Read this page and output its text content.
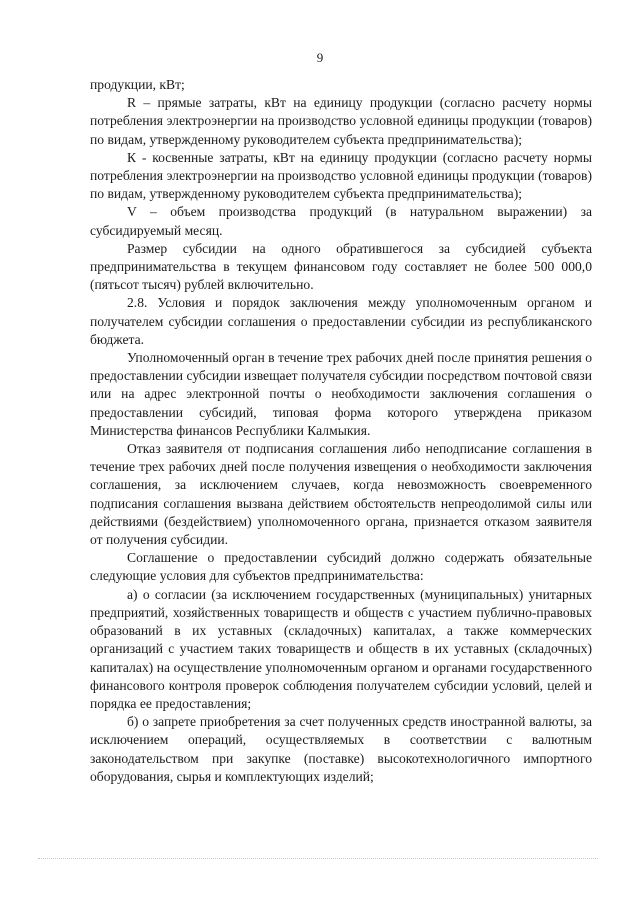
9

продукции, кВт;

R – прямые затраты, кВт на единицу продукции (согласно расчету нормы потребления электроэнергии на производство условной единицы продукции (товаров) по видам, утвержденному руководителем субъекта предпринимательства);

К - косвенные затраты, кВт на единицу продукции (согласно расчету нормы потребления электроэнергии на производство условной единицы продукции (товаров) по видам, утвержденному руководителем субъекта предпринимательства);

V – объем производства продукций (в натуральном выражении) за субсидируемый месяц.

Размер субсидии на одного обратившегося за субсидией субъекта предпринимательства в текущем финансовом году составляет не более 500 000,0 (пятьсот тысяч) рублей включительно.

2.8. Условия и порядок заключения между уполномоченным органом и получателем субсидии соглашения о предоставлении субсидии из республиканского бюджета.

Уполномоченный орган в течение трех рабочих дней после принятия решения о предоставлении субсидии извещает получателя субсидии посредством почтовой связи или на адрес электронной почты о необходимости заключения соглашения о предоставлении субсидий, типовая форма которого утверждена приказом Министерства финансов Республики Калмыкия.

Отказ заявителя от подписания соглашения либо неподписание соглашения в течение трех рабочих дней после получения извещения о необходимости заключения соглашения, за исключением случаев, когда невозможность своевременного подписания соглашения вызвана действием обстоятельств непреодолимой силы или действиями (бездействием) уполномоченного органа, признается отказом заявителя от получения субсидии.

Соглашение о предоставлении субсидий должно содержать обязательные следующие условия для субъектов предпринимательства:

а) о согласии (за исключением государственных (муниципальных) унитарных предприятий, хозяйственных товариществ и обществ с участием публично-правовых образований в их уставных (складочных) капиталах, а также коммерческих организаций с участием таких товариществ и обществ в их уставных (складочных) капиталах) на осуществление уполномоченным органом и органами государственного финансового контроля проверок соблюдения получателем субсидии условий, целей и порядка ее предоставления;

б) о запрете приобретения за счет полученных средств иностранной валюты, за исключением операций, осуществляемых в соответствии с валютным законодательством при закупке (поставке) высокотехнологичного импортного оборудования, сырья и комплектующих изделий;
